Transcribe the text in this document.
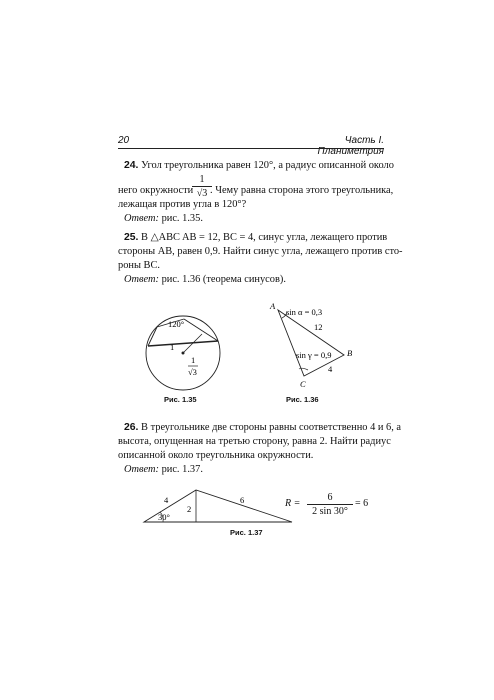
20	Часть I. Планиметрия
24. Угол треугольника равен 120°, а радиус описанной около
него окружности
1
√3 . Чему равна сторона этого треугольника,
лежащая против угла в 120°?
Ответ: рис. 1.35.
25. В △ABC AB = 12, BC = 4, синус угла, лежащего против
стороны AB, равен 0,9. Найти синус угла, лежащего против сто-
роны BC.
Ответ: рис. 1.36 (теорема синусов).
120°
1
1
√3
Рис. 1.35
A
B
C
sin α = 0,3
12
4
sin γ = 0,9
Рис. 1.36
26. В треугольнике две стороны равны соответственно 4 и 6, а
высота, опущенная на третью сторону, равна 2. Найти радиус
описанной около треугольника окружности.
Ответ: рис. 1.37.
4	6
2
30°
Рис. 1.37
R =
6
2 sin 30°
= 6
